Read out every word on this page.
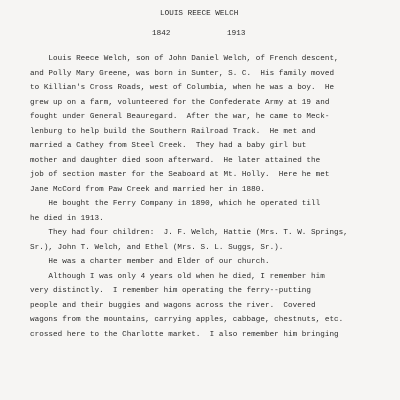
LOUIS REECE WELCH
1842	1913
Louis Reece Welch, son of John Daniel Welch, of French descent,
and Polly Mary Greene, was born in Sumter, S. C.  His family moved
to Killian's Cross Roads, west of Columbia, when he was a boy.  He
grew up on a farm, volunteered for the Confederate Army at 19 and
fought under General Beauregard.  After the war, he came to Meck-
lenburg to help build the Southern Railroad Track.  He met and
married a Cathey from Steel Creek.  They had a baby girl but
mother and daughter died soon afterward.  He later attained the
job of section master for the Seaboard at Mt. Holly.  Here he met
Jane McCord from Paw Creek and married her in 1880.
He bought the Ferry Company in 1890, which he operated till
he died in 1913.
They had four children:  J. F. Welch, Hattie (Mrs. T. W. Springs,
Sr.), John T. Welch, and Ethel (Mrs. S. L. Suggs, Sr.).
He was a charter member and Elder of our church.
Although I was only 4 years old when he died, I remember him
very distinctly.  I remember him operating the ferry--putting
people and their buggies and wagons across the river.  Covered
wagons from the mountains, carrying apples, cabbage, chestnuts, etc.
crossed here to the Charlotte market.  I also remember him bringing
